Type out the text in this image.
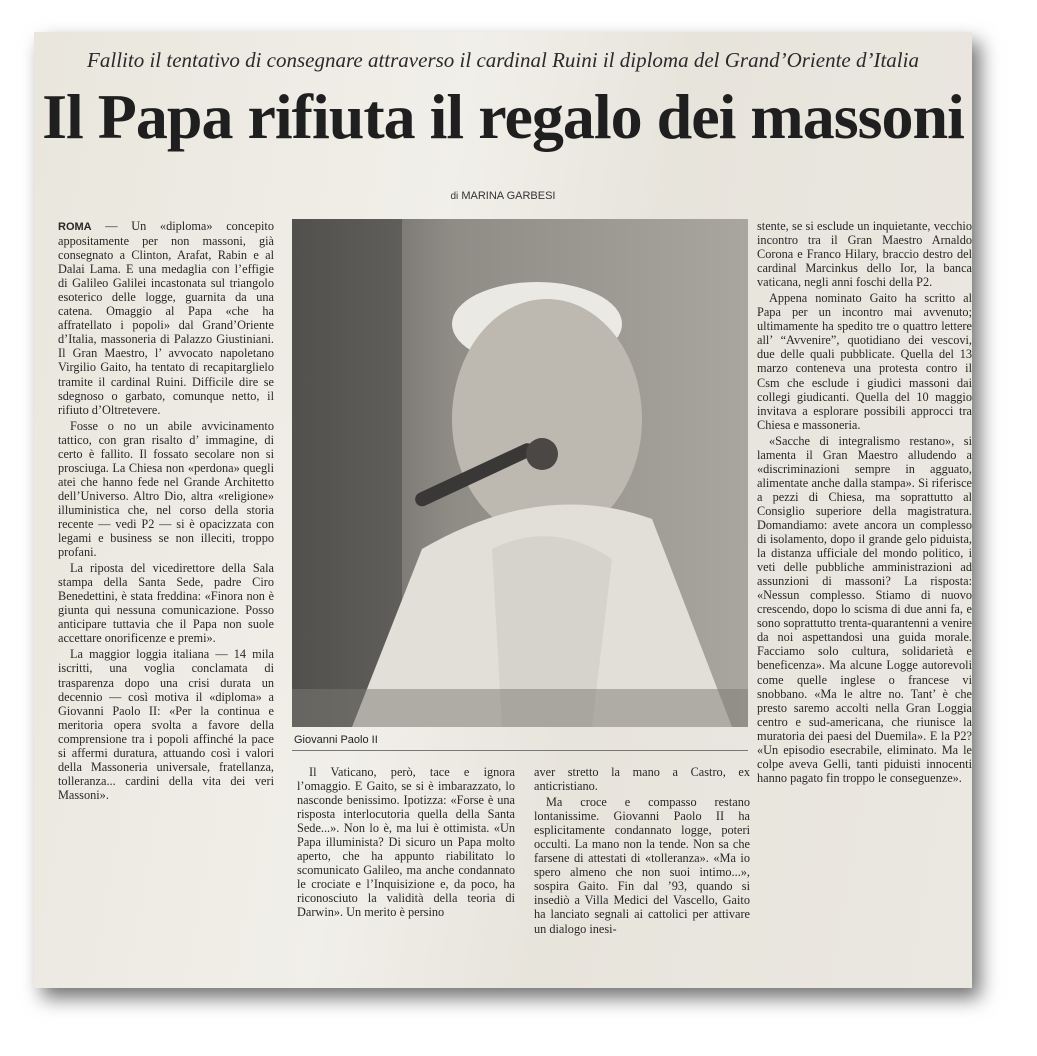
Fallito il tentativo di consegnare attraverso il cardinal Ruini il diploma del Grand’Oriente d’Italia
Il Papa rifiuta il regalo dei massoni
di MARINA GARBESI

ROMA — Un «diploma» concepito appositamente per non massoni, già consegnato a Clinton, Arafat, Rabin e al Dalai Lama. E una medaglia con l’effigie di Galileo Galilei incastonata sul triangolo esoterico delle logge, guarnita da una catena. Omaggio al Papa «che ha affratellato i popoli» dal Grand’Oriente d’Italia, massoneria di Palazzo Giustiniani. Il Gran Maestro, l’ avvocato napoletano Virgilio Gaito, ha tentato di recapitarglielo tramite il cardinal Ruini. Difficile dire se sdegnoso o garbato, comunque netto, il rifiuto d’Oltretevere.

Fosse o no un abile avvicinamento tattico, con gran risalto d’ immagine, di certo è fallito. Il fossato secolare non si prosciuga. La Chiesa non «perdona» quegli atei che hanno fede nel Grande Architetto dell’Universo. Altro Dio, altra «religione» illuministica che, nel corso della storia recente — vedi P2 — si è opacizzata con legami e business se non illeciti, troppo profani.

La riposta del vicedirettore della Sala stampa della Santa Sede, padre Ciro Benedettini, è stata freddina: «Finora non è giunta qui nessuna comunicazione. Posso anticipare tuttavia che il Papa non suole accettare onorificenze e premi».

La maggior loggia italiana — 14 mila iscritti, una voglia conclamata di trasparenza dopo una crisi durata un decennio — così motiva il «diploma» a Giovanni Paolo II: «Per la continua e meritoria opera svolta a favore della comprensione tra i popoli affinché la pace si affermi duratura, attuando così i valori della Massoneria universale, fratellanza, tolleranza... cardini della vita dei veri Massoni».

Giovanni Paolo II

Il Vaticano, però, tace e ignora l’omaggio. E Gaito, se si è imbarazzato, lo nasconde benissimo. Ipotizza: «Forse è una risposta interlocutoria quella della Santa Sede...». Non lo è, ma lui è ottimista. «Un Papa illuminista? Di sicuro un Papa molto aperto, che ha appunto riabilitato lo scomunicato Galileo, ma anche condannato le crociate e l’Inquisizione e, da poco, ha riconosciuto la validità della teoria di Darwin». Un merito è persino

aver stretto la mano a Castro, ex anticristiano.

Ma croce e compasso restano lontanissime. Giovanni Paolo II ha esplicitamente condannato logge, poteri occulti. La mano non la tende. Non sa che farsene di attestati di «tolleranza». «Ma io spero almeno che non suoi intimo...», sospira Gaito. Fin dal ’93, quando si insediò a Villa Medici del Vascello, Gaito ha lanciato segnali ai cattolici per attivare un dialogo inesi-

stente, se si esclude un inquietante, vecchio incontro tra il Gran Maestro Arnaldo Corona e Franco Hilary, braccio destro del cardinal Marcinkus dello Ior, la banca vaticana, negli anni foschi della P2.

Appena nominato Gaito ha scritto al Papa per un incontro mai avvenuto; ultimamente ha spedito tre o quattro lettere all’ “Avvenire”, quotidiano dei vescovi, due delle quali pubblicate. Quella del 13 marzo conteneva una protesta contro il Csm che esclude i giudici massoni dai collegi giudicanti. Quella del 10 maggio invitava a esplorare possibili approcci tra Chiesa e massoneria.

«Sacche di integralismo restano», si lamenta il Gran Maestro alludendo a «discriminazioni sempre in agguato, alimentate anche dalla stampa». Si riferisce a pezzi di Chiesa, ma soprattutto al Consiglio superiore della magistratura. Domandiamo: avete ancora un complesso di isolamento, dopo il grande gelo piduista, la distanza ufficiale del mondo politico, i veti delle pubbliche amministrazioni ad assunzioni di massoni? La risposta: «Nessun complesso. Stiamo di nuovo crescendo, dopo lo scisma di due anni fa, e sono soprattutto trenta-quarantenni a venire da noi aspettandosi una guida morale. Facciamo solo cultura, solidarietà e beneficenza». Ma alcune Logge autorevoli come quelle inglese o francese vi snobbano. «Ma le altre no. Tant’ è che presto saremo accolti nella Gran Loggia centro e sud-americana, che riunisce la muratoria dei paesi del Duemila». E la P2? «Un episodio esecrabile, eliminato. Ma le colpe aveva Gelli, tanti piduisti innocenti hanno pagato fin troppo le conseguenze».
